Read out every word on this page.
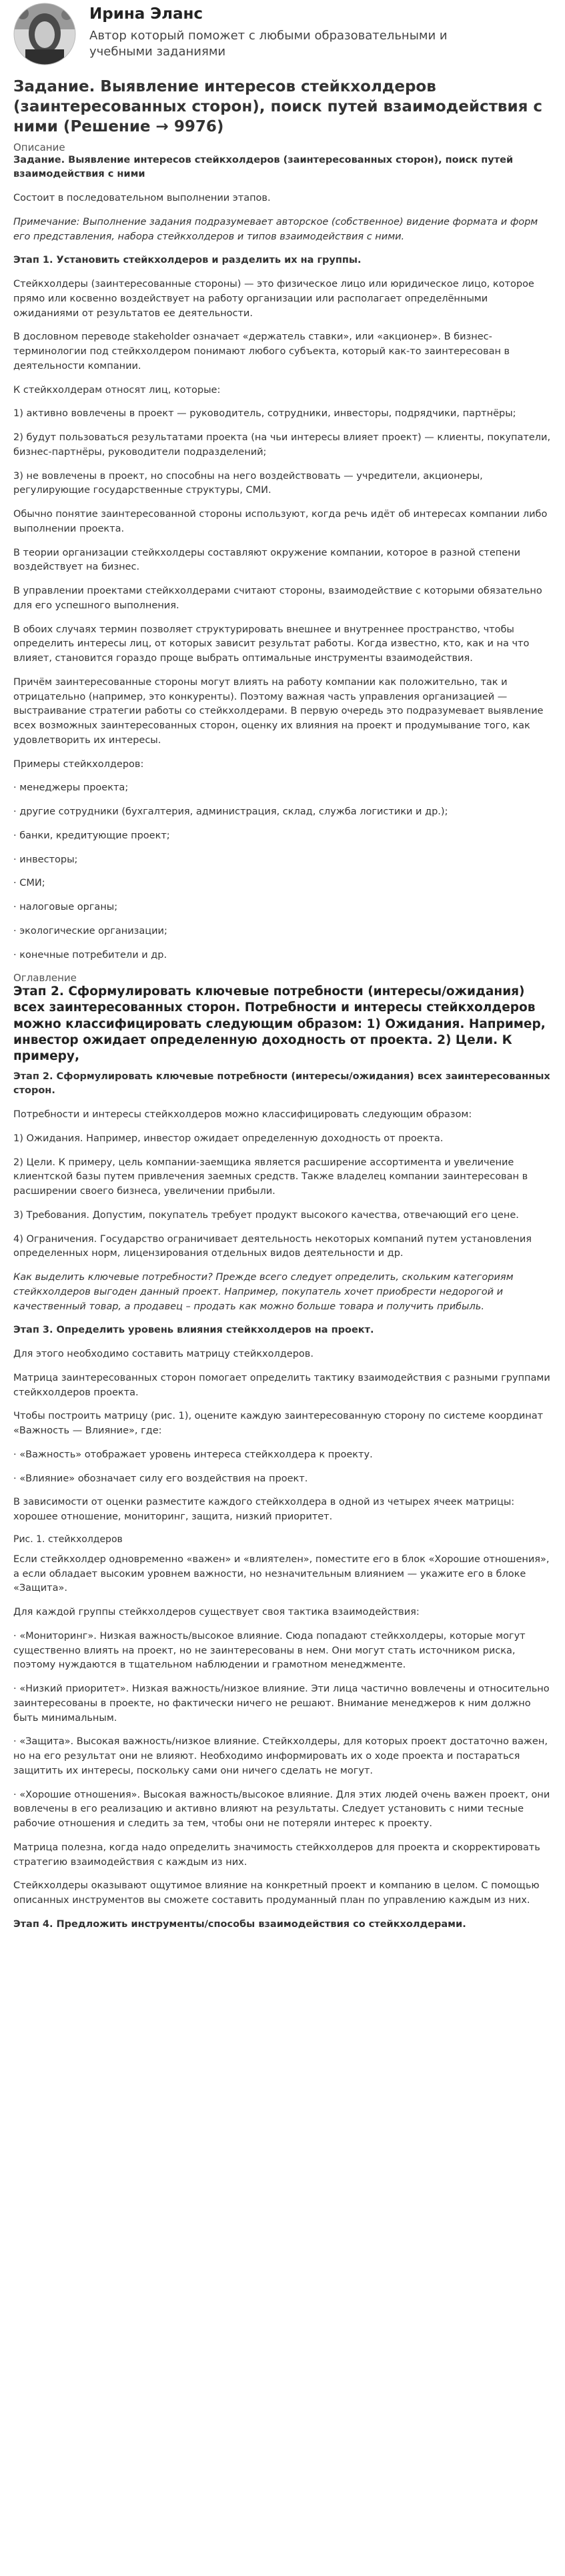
Ирина Эланс
Автор который поможет с любыми образовательными и учебными заданиями
Задание. Выявление интересов стейкхолдеров (заинтересованных сторон), поиск путей взаимодействия с ними (Решение → 9976)
Описание

Задание. Выявление интересов стейкхолдеров (заинтересованных сторон), поиск путей взаимодействия с ними

Состоит в последовательном выполнении этапов.

Примечание: Выполнение задания подразумевает авторское (собственное) видение формата и форм его представления, набора стейкхолдеров и типов взаимодействия с ними.

Этап 1. Установить стейкхолдеров и разделить их на группы.

Стейкхолдеры (заинтересованные стороны) — это физическое лицо или юридическое лицо, которое прямо или косвенно воздействует на работу организации или располагает определёнными ожиданиями от результатов ее деятельности.

В дословном переводе stakeholder означает «держатель ставки», или «акционер». В бизнес-терминологии под стейкхолдером понимают любого субъекта, который как-то заинтересован в деятельности компании.

К стейкхолдерам относят лиц, которые:

1) активно вовлечены в проект — руководитель, сотрудники, инвесторы, подрядчики, партнёры;

2) будут пользоваться результатами проекта (на чьи интересы влияет проект) — клиенты, покупатели, бизнес-партнёры, руководители подразделений;

3) не вовлечены в проект, но способны на него воздействовать — учредители, акционеры, регулирующие государственные структуры, СМИ.

Обычно понятие заинтересованной стороны используют, когда речь идёт об интересах компании либо выполнении проекта.

В теории организации стейкхолдеры составляют окружение компании, которое в разной степени воздействует на бизнес.

В управлении проектами стейкхолдерами считают стороны, взаимодействие с которыми обязательно для его успешного выполнения.

В обоих случаях термин позволяет структурировать внешнее и внутреннее пространство, чтобы определить интересы лиц, от которых зависит результат работы. Когда известно, кто, как и на что влияет, становится гораздо проще выбрать оптимальные инструменты взаимодействия.

Причём заинтересованные стороны могут влиять на работу компании как положительно, так и отрицательно (например, это конкуренты). Поэтому важная часть управления организацией — выстраивание стратегии работы со стейкхолдерами. В первую очередь это подразумевает выявление всех возможных заинтересованных сторон, оценку их влияния на проект и продумывание того, как удовлетворить их интересы.

Примеры стейкхолдеров:

· менеджеры проекта;

· другие сотрудники (бухгалтерия, администрация, склад, служба логистики и др.);

· банки, кредитующие проект;

· инвесторы;

· СМИ;

· налоговые органы;

· экологические организации;

· конечные потребители и др.

Оглавление
Этап 2. Сформулировать ключевые потребности (интересы/ожидания) всех заинтересованных сторон. Потребности и интересы стейкхолдеров можно классифицировать следующим образом: 1) Ожидания. Например, инвестор ожидает определенную доходность от проекта. 2) Цели. К примеру,

Этап 2. Сформулировать ключевые потребности (интересы/ожидания) всех заинтересованных сторон.

Потребности и интересы стейкхолдеров можно классифицировать следующим образом:

1) Ожидания. Например, инвестор ожидает определенную доходность от проекта.

2) Цели. К примеру, цель компании-заемщика является расширение ассортимента и увеличение клиентской базы путем привлечения заемных средств. Также владелец компании заинтересован в расширении своего бизнеса, увеличении прибыли.

3) Требования. Допустим, покупатель требует продукт высокого качества, отвечающий его цене.

4) Ограничения. Государство ограничивает деятельность некоторых компаний путем установления определенных норм, лицензирования отдельных видов деятельности и др.

Как выделить ключевые потребности? Прежде всего следует определить, скольким категориям стейкхолдеров выгоден данный проект. Например, покупатель хочет приобрести недорогой и качественный товар, а продавец – продать как можно больше товара и получить прибыль.

Этап 3. Определить уровень влияния стейкхолдеров на проект.

Для этого необходимо составить матрицу стейкхолдеров.

Матрица заинтересованных сторон помогает определить тактику взаимодействия с разными группами стейкхолдеров проекта.

Чтобы построить матрицу (рис. 1), оцените каждую заинтересованную сторону по системе координат «Важность — Влияние», где:

· «Важность» отображает уровень интереса стейкхолдера к проекту.

· «Влияние» обозначает силу его воздействия на проект.

В зависимости от оценки разместите каждого стейкхолдера в одной из четырех ячеек матрицы: хорошее отношение, мониторинг, защита, низкий приоритет.

Рис. 1. стейкхолдеров

Если стейкхолдер одновременно «важен» и «влиятелен», поместите его в блок «Хорошие отношения», а если обладает высоким уровнем важности, но незначительным влиянием — укажите его в блоке «Защита».

Для каждой группы стейкхолдеров существует своя тактика взаимодействия:

· «Мониторинг». Низкая важность/высокое влияние. Сюда попадают стейкхолдеры, которые могут существенно влиять на проект, но не заинтересованы в нем. Они могут стать источником риска, поэтому нуждаются в тщательном наблюдении и грамотном менеджменте.

· «Низкий приоритет». Низкая важность/низкое влияние. Эти лица частично вовлечены и относительно заинтересованы в проекте, но фактически ничего не решают. Внимание менеджеров к ним должно быть минимальным.

· «Защита». Высокая важность/низкое влияние. Стейкхолдеры, для которых проект достаточно важен, но на его результат они не влияют. Необходимо информировать их о ходе проекта и постараться защитить их интересы, поскольку сами они ничего сделать не могут.

· «Хорошие отношения». Высокая важность/высокое влияние. Для этих людей очень важен проект, они вовлечены в его реализацию и активно влияют на результаты. Следует установить с ними тесные рабочие отношения и следить за тем, чтобы они не потеряли интерес к проекту.

Матрица полезна, когда надо определить значимость стейкхолдеров для проекта и скорректировать стратегию взаимодействия с каждым из них.

Стейкхолдеры оказывают ощутимое влияние на конкретный проект и компанию в целом. С помощью описанных инструментов вы сможете составить продуманный план по управлению каждым из них.

Этап 4. Предложить инструменты/способы взаимодействия со стейкхолдерами.
